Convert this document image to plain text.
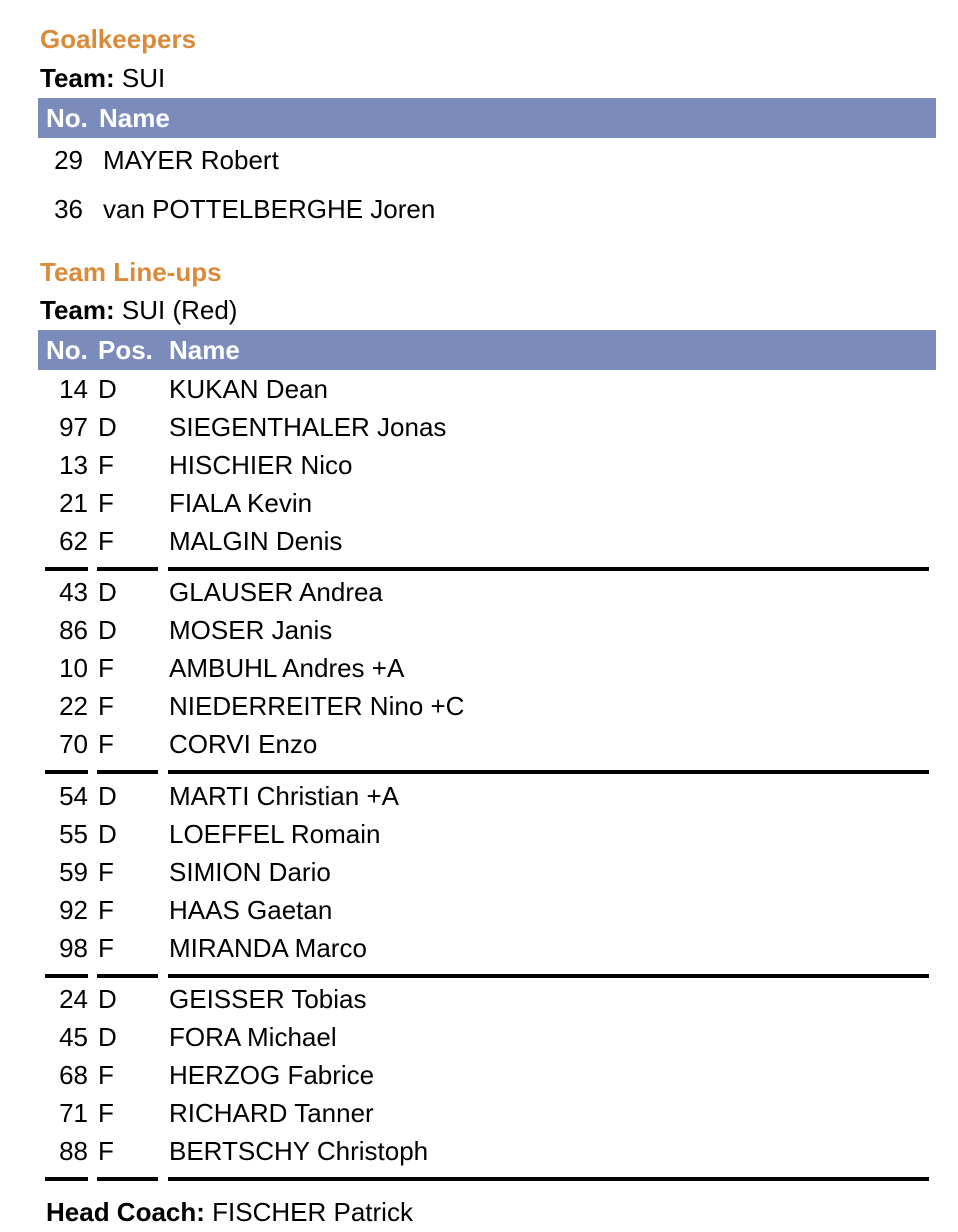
Goalkeepers
Team: SUI
No. Name
29 MAYER Robert
36 van POTTELBERGHE Joren
Team Line-ups
Team: SUI (Red)
No. Pos. Name
14 D KUKAN Dean
97 D SIEGENTHALER Jonas
13 F HISCHIER Nico
21 F FIALA Kevin
62 F MALGIN Denis
43 D GLAUSER Andrea
86 D MOSER Janis
10 F AMBUHL Andres +A
22 F NIEDERREITER Nino +C
70 F CORVI Enzo
54 D MARTI Christian +A
55 D LOEFFEL Romain
59 F SIMION Dario
92 F HAAS Gaetan
98 F MIRANDA Marco
24 D GEISSER Tobias
45 D FORA Michael
68 F HERZOG Fabrice
71 F RICHARD Tanner
88 F BERTSCHY Christoph
Head Coach: FISCHER Patrick
